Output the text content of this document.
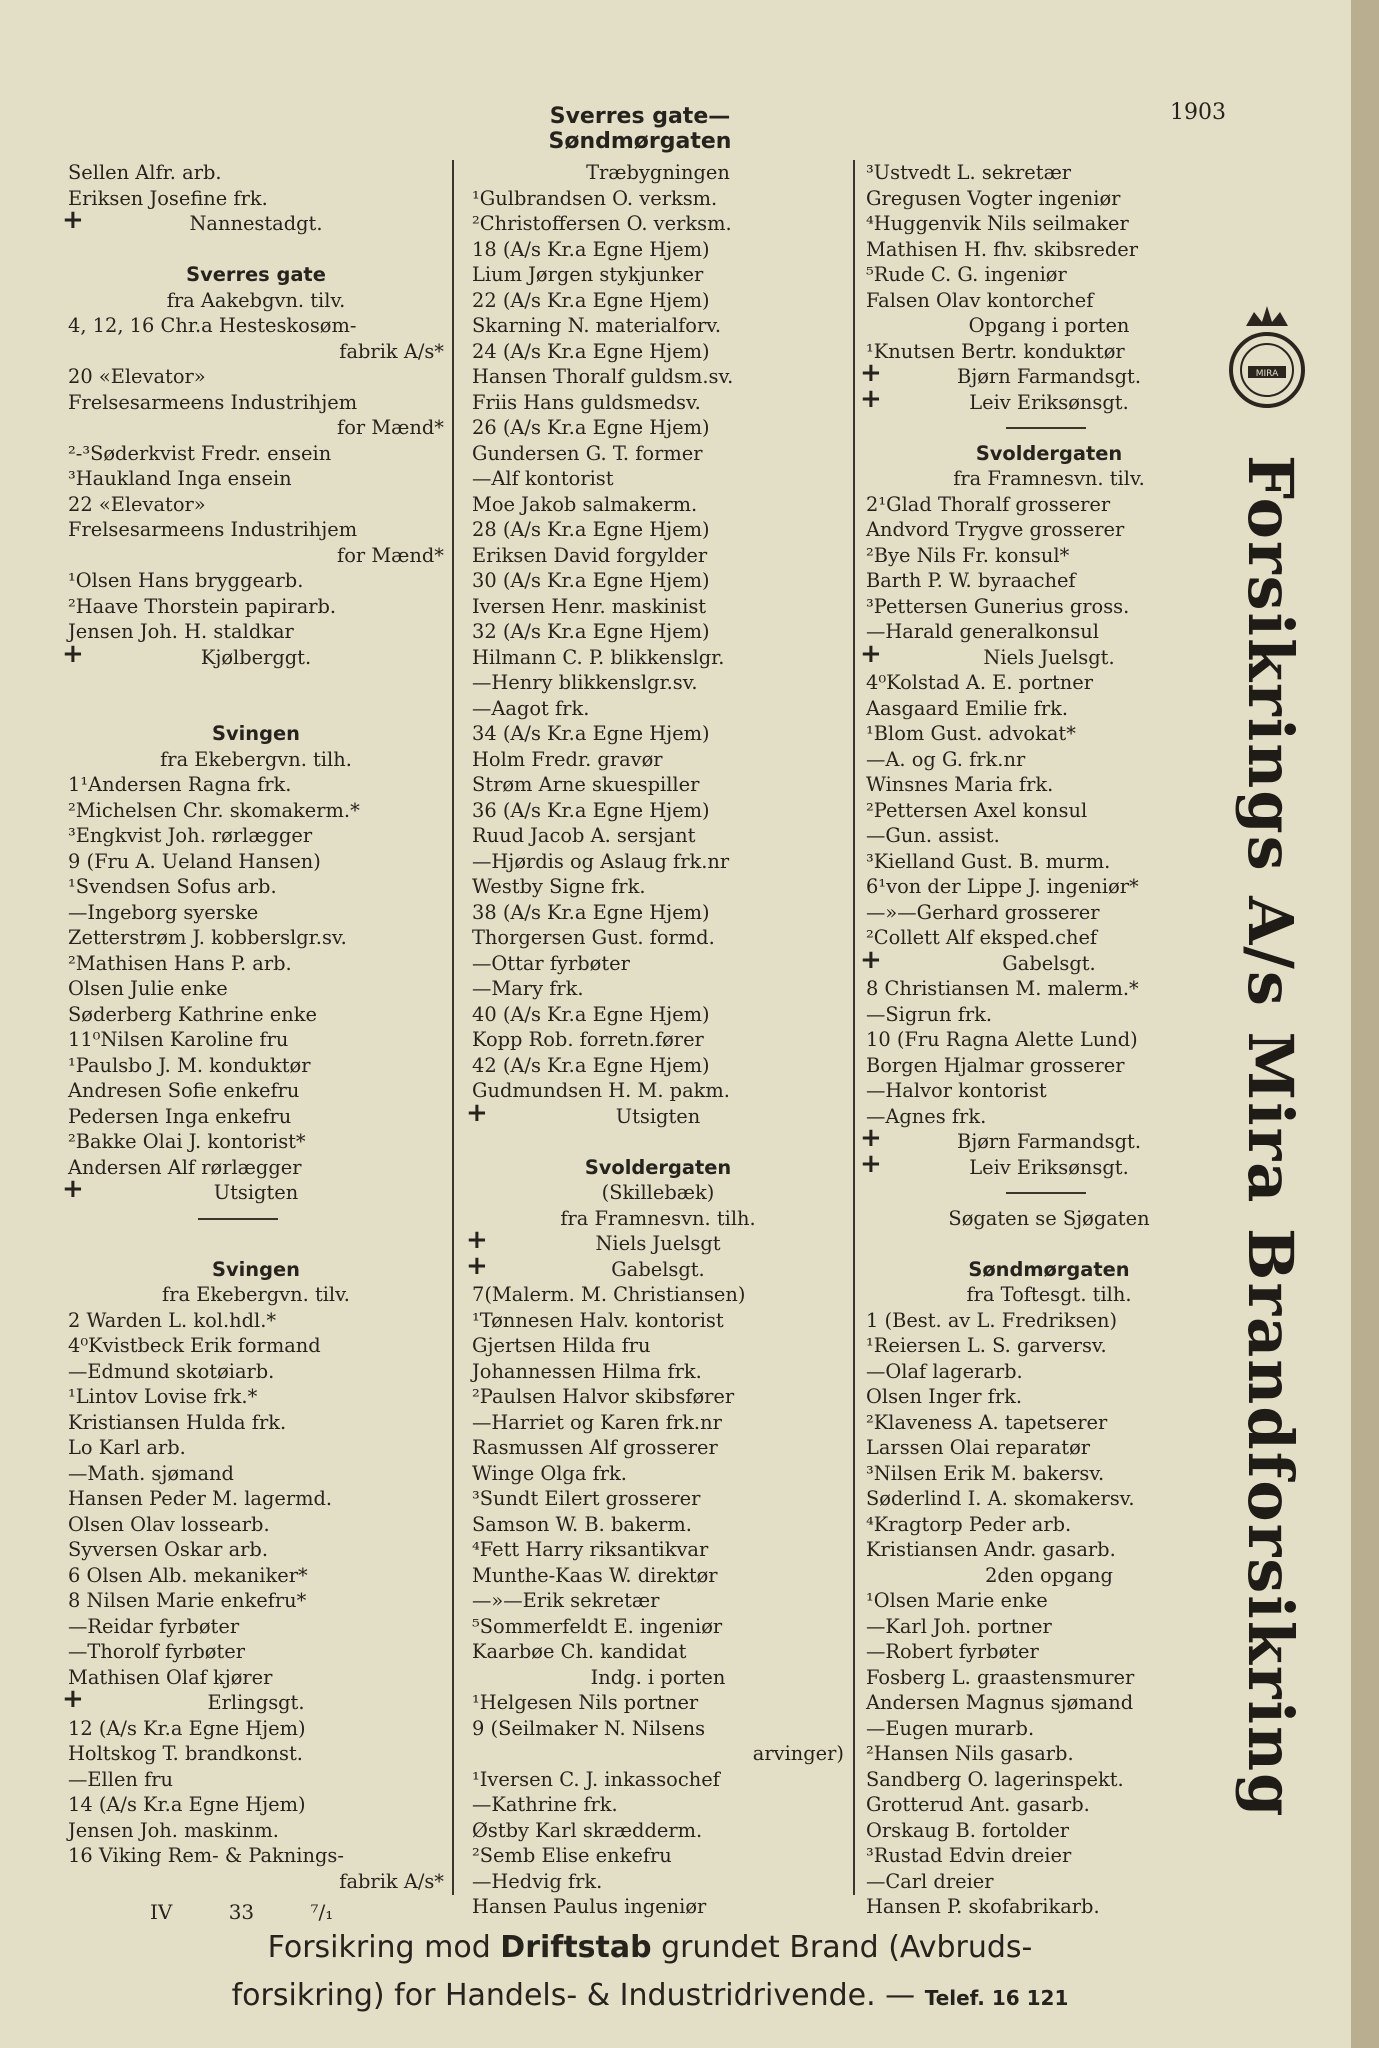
Sverres gate—Søndmørgaten
1903
Sellen Alfr. arb.
Eriksen Josefine frk.
Nannestadgt.
+
Sverres gate
fra Aakebgvn. tilv.
4, 12, 16 Chr.a Hesteskosøm-
fabrik A/s*
20 «Elevator»
Frelsesarmeens Industrihjem
for Mænd*
²-³Søderkvist Fredr. ensein
³Haukland Inga ensein
22 «Elevator»
Frelsesarmeens Industrihjem
for Mænd*
¹Olsen Hans bryggearb.
²Haave Thorstein papirarb.
Jensen Joh. H. staldkar
Kjølberggt.
+
Svingen
fra Ekebergvn. tilh.
1¹Andersen Ragna frk.
²Michelsen Chr. skomakerm.*
³Engkvist Joh. rørlægger
9 (Fru A. Ueland Hansen)
¹Svendsen Sofus arb.
—Ingeborg syerske
Zetterstrøm J. kobberslgr.sv.
²Mathisen Hans P. arb.
Olsen Julie enke
Søderberg Kathrine enke
11⁰Nilsen Karoline fru
¹Paulsbo J. M. konduktør
Andresen Sofie enkefru
Pedersen Inga enkefru
²Bakke Olai J. kontorist*
Andersen Alf rørlægger
Utsigten
+
Svingen
fra Ekebergvn. tilv.
2 Warden L. kol.hdl.*
4⁰Kvistbeck Erik formand
—Edmund skotøiarb.
¹Lintov Lovise frk.*
Kristiansen Hulda frk.
Lo Karl arb.
—Math. sjømand
Hansen Peder M. lagermd.
Olsen Olav lossearb.
Syversen Oskar arb.
6 Olsen Alb. mekaniker*
8 Nilsen Marie enkefru*
—Reidar fyrbøter
—Thorolf fyrbøter
Mathisen Olaf kjører
Erlingsgt.
+
12 (A/s Kr.a Egne Hjem)
Holtskog T. brandkonst.
—Ellen fru
14 (A/s Kr.a Egne Hjem)
Jensen Joh. maskinm.
16 Viking Rem- & Paknings-
fabrik A/s*
Træbygningen
¹Gulbrandsen O. verksm.
²Christoffersen O. verksm.
18 (A/s Kr.a Egne Hjem)
Lium Jørgen stykjunker
22 (A/s Kr.a Egne Hjem)
Skarning N. materialforv.
24 (A/s Kr.a Egne Hjem)
Hansen Thoralf guldsm.sv.
Friis Hans guldsmedsv.
26 (A/s Kr.a Egne Hjem)
Gundersen G. T. former
—Alf kontorist
Moe Jakob salmakerm.
28 (A/s Kr.a Egne Hjem)
Eriksen David forgylder
30 (A/s Kr.a Egne Hjem)
Iversen Henr. maskinist
32 (A/s Kr.a Egne Hjem)
Hilmann C. P. blikkenslgr.
—Henry blikkenslgr.sv.
—Aagot frk.
34 (A/s Kr.a Egne Hjem)
Holm Fredr. gravør
Strøm Arne skuespiller
36 (A/s Kr.a Egne Hjem)
Ruud Jacob A. sersjant
—Hjørdis og Aslaug frk.nr
Westby Signe frk.
38 (A/s Kr.a Egne Hjem)
Thorgersen Gust. formd.
—Ottar fyrbøter
—Mary frk.
40 (A/s Kr.a Egne Hjem)
Kopp Rob. forretn.fører
42 (A/s Kr.a Egne Hjem)
Gudmundsen H. M. pakm.
Utsigten
+
Svoldergaten
(Skillebæk)
fra Framnesvn. tilh.
Niels Juelsgt
+
Gabelsgt.
+
7(Malerm. M. Christiansen)
¹Tønnesen Halv. kontorist
Gjertsen Hilda fru
Johannessen Hilma frk.
²Paulsen Halvor skibsfører
—Harriet og Karen frk.nr
Rasmussen Alf grosserer
Winge Olga frk.
³Sundt Eilert grosserer
Samson W. B. bakerm.
⁴Fett Harry riksantikvar
Munthe-Kaas W. direktør
—»—Erik sekretær
⁵Sommerfeldt E. ingeniør
Kaarbøe Ch. kandidat
Indg. i porten
¹Helgesen Nils portner
9 (Seilmaker N. Nilsens
arvinger)
¹Iversen C. J. inkassochef
—Kathrine frk.
Østby Karl skrædderm.
²Semb Elise enkefru
—Hedvig frk.
Hansen Paulus ingeniør
³Ustvedt L. sekretær
Gregusen Vogter ingeniør
⁴Huggenvik Nils seilmaker
Mathisen H. fhv. skibsreder
⁵Rude C. G. ingeniør
Falsen Olav kontorchef
Opgang i porten
¹Knutsen Bertr. konduktør
Bjørn Farmandsgt.
+
Leiv Eriksønsgt.
+
Svoldergaten
fra Framnesvn. tilv.
2¹Glad Thoralf grosserer
Andvord Trygve grosserer
²Bye Nils Fr. konsul*
Barth P. W. byraachef
³Pettersen Gunerius gross.
—Harald generalkonsul
Niels Juelsgt.
+
4⁰Kolstad A. E. portner
Aasgaard Emilie frk.
¹Blom Gust. advokat*
—A. og G. frk.nr
Winsnes Maria frk.
²Pettersen Axel konsul
—Gun. assist.
³Kielland Gust. B. murm.
6¹von der Lippe J. ingeniør*
—»—Gerhard grosserer
²Collett Alf eksped.chef
Gabelsgt.
+
8 Christiansen M. malerm.*
—Sigrun frk.
10 (Fru Ragna Alette Lund)
Borgen Hjalmar grosserer
—Halvor kontorist
—Agnes frk.
Bjørn Farmandsgt.
+
Leiv Eriksønsgt.
+
Søgaten se Sjøgaten
Søndmørgaten
fra Toftesgt. tilh.
1 (Best. av L. Fredriksen)
¹Reiersen L. S. garversv.
—Olaf lagerarb.
Olsen Inger frk.
²Klaveness A. tapetserer
Larssen Olai reparatør
³Nilsen Erik M. bakersv.
Søderlind I. A. skomakersv.
⁴Kragtorp Peder arb.
Kristiansen Andr. gasarb.
2den opgang
¹Olsen Marie enke
—Karl Joh. portner
—Robert fyrbøter
Fosberg L. graastensmurer
Andersen Magnus sjømand
—Eugen murarb.
²Hansen Nils gasarb.
Sandberg O. lagerinspekt.
Grotterud Ant. gasarb.
Orskaug B. fortolder
³Rustad Edvin dreier
—Carl dreier
Hansen P. skofabrikarb.
MIRA
Forsikrings A/s Mira Brandforsikring
IV	33	⁷/₁
Forsikring mod Driftstab grundet Brand (Avbruds-
forsikring) for Handels- & Industridrivende. — Telef. 16 121
